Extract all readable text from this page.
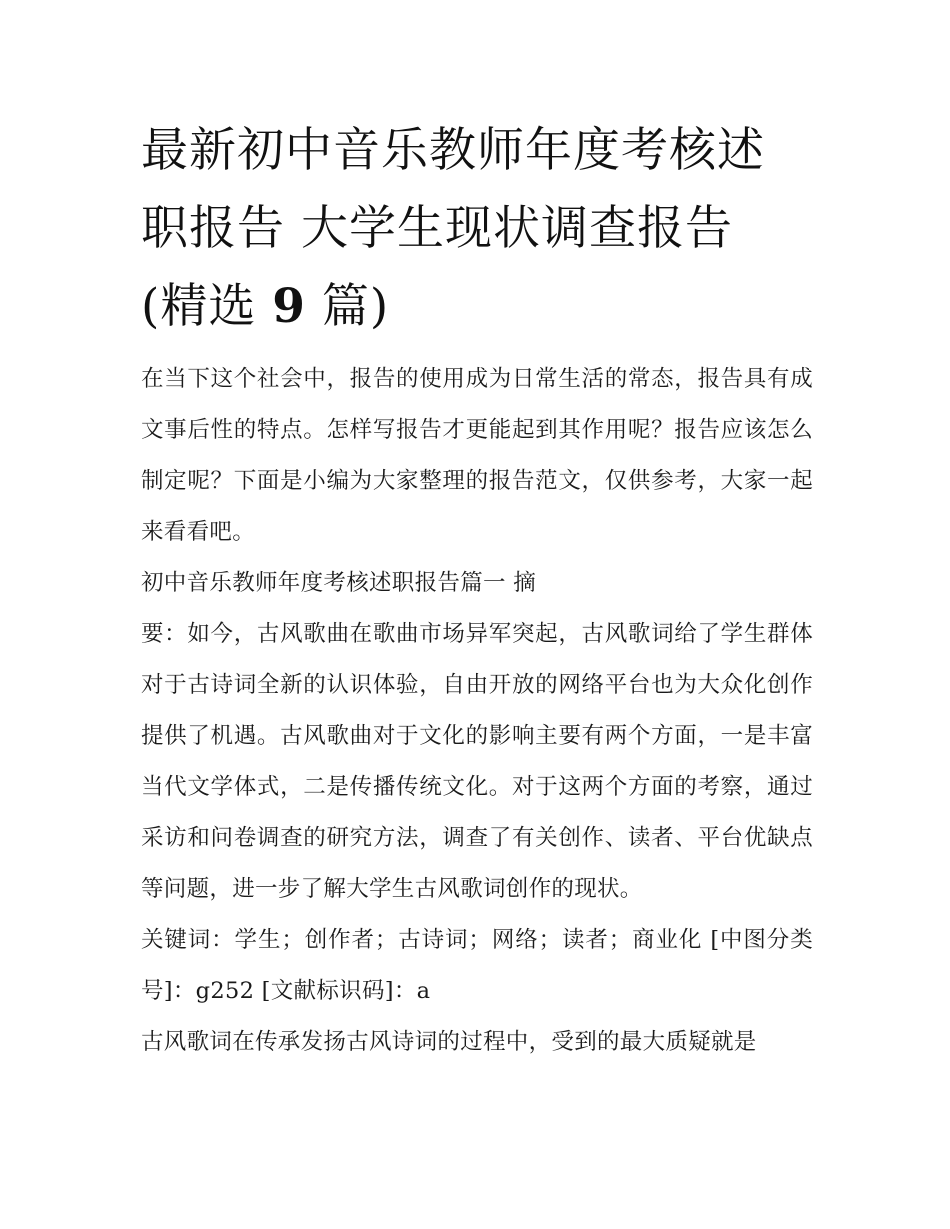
最新初中音乐教师年度考核述
职报告 大学生现状调查报告
(精选 9 篇)

在当下这个社会中，报告的使用成为日常生活的常态，报告具有成文事后性的特点。怎样写报告才更能起到其作用呢？报告应该怎么制定呢？下面是小编为大家整理的报告范文，仅供参考，大家一起来看看吧。

初中音乐教师年度考核述职报告篇一 摘

要：如今，古风歌曲在歌曲市场异军突起，古风歌词给了学生群体对于古诗词全新的认识体验，自由开放的网络平台也为大众化创作提供了机遇。古风歌曲对于文化的影响主要有两个方面，一是丰富当代文学体式，二是传播传统文化。对于这两个方面的考察，通过采访和问卷调查的研究方法，调查了有关创作、读者、平台优缺点等问题，进一步了解大学生古风歌词创作的现状。

关键词：学生；创作者；古诗词；网络；读者；商业化 [中图分类号]：g252 [文献标识码]：a

古风歌词在传承发扬古风诗词的过程中，受到的最大质疑就是
